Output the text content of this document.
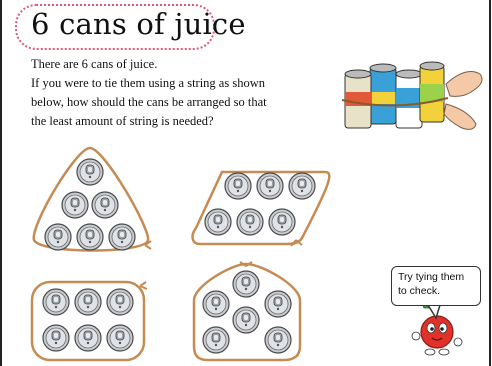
6 cans of juice
There are 6 cans of juice.
If you were to tie them using a string as shown
below, how should the cans be arranged so that
the least amount of string is needed?
Try tying them
to check.
